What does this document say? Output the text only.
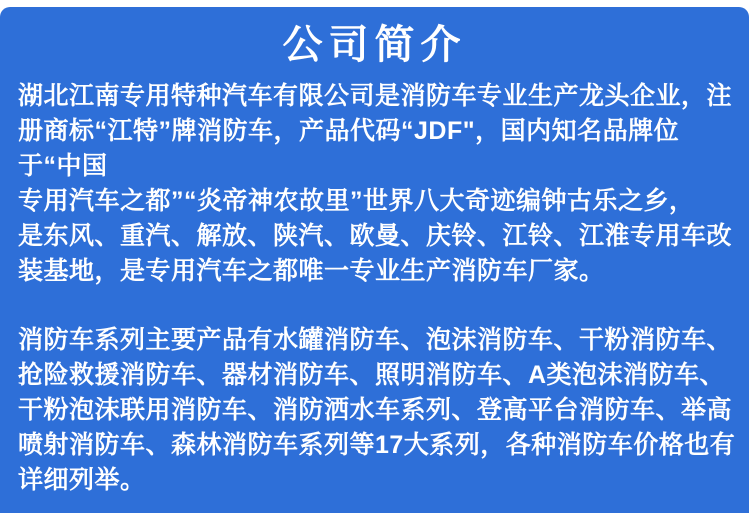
公司简介
湖北江南专用特种汽车有限公司是消防车专业生产龙头企业，注
册商标“江特”牌消防车，产品代码“JDF"，国内知名品牌位
于“中国
专用汽车之都”“炎帝神农故里”世界八大奇迹编钟古乐之乡，
是东风、重汽、解放、陕汽、欧曼、庆铃、江铃、江淮专用车改
装基地，是专用汽车之都唯一专业生产消防车厂家。
消防车系列主要产品有水罐消防车、泡沫消防车、干粉消防车、
抢险救援消防车、器材消防车、照明消防车、A类泡沫消防车、
干粉泡沫联用消防车、消防洒水车系列、登高平台消防车、举高
喷射消防车、森林消防车系列等17大系列，各种消防车价格也有
详细列举。
